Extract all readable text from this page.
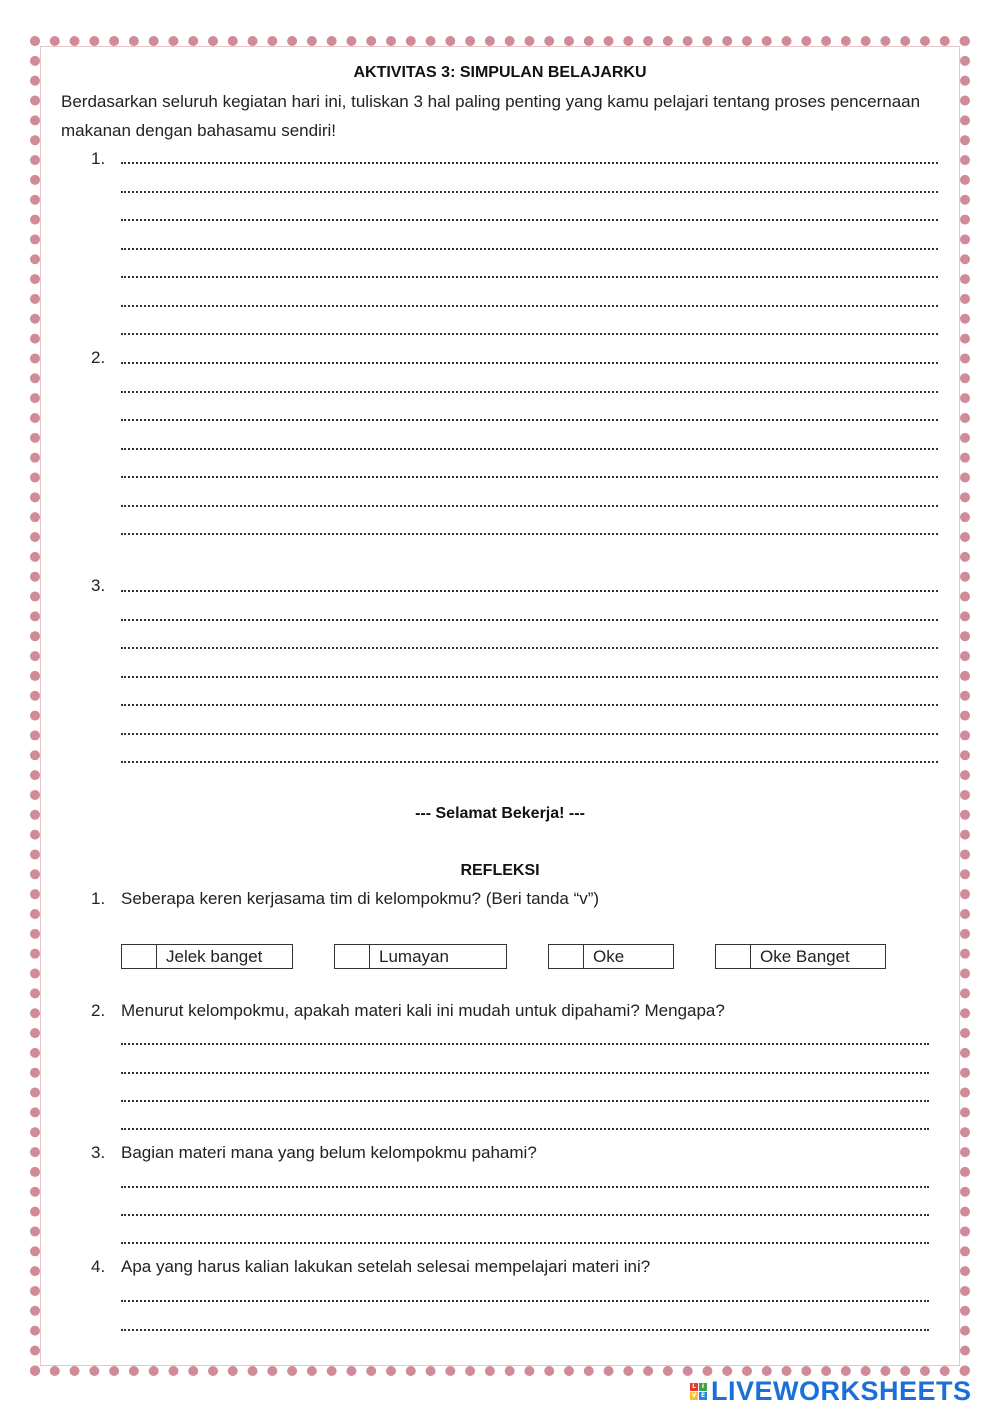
AKTIVITAS 3: SIMPULAN BELAJARKU
Berdasarkan seluruh kegiatan hari ini, tuliskan 3 hal paling penting yang kamu pelajari tentang proses pencernaan makanan dengan bahasamu sendiri!
1.
2.
3.
--- Selamat Bekerja! ---
REFLEKSI
1. Seberapa keren kerjasama tim di kelompokmu? (Beri tanda “v”)
Jelek banget	Lumayan	Oke	Oke Banget
2. Menurut kelompokmu, apakah materi kali ini mudah untuk dipahami? Mengapa?
3. Bagian materi mana yang belum kelompokmu pahami?
4. Apa yang harus kalian lakukan setelah selesai mempelajari materi ini?
L I
V E LIVEWORKSHEETS
